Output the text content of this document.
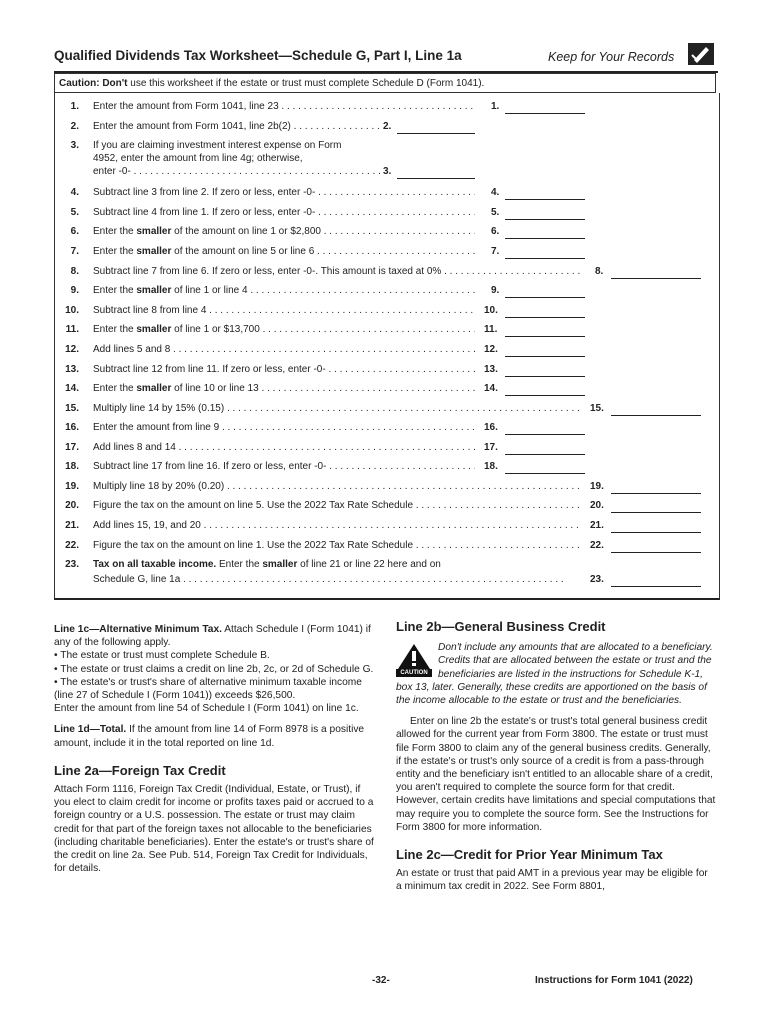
Qualified Dividends Tax Worksheet—Schedule G, Part I, Line 1a	Keep for Your Records
Caution: Don't use this worksheet if the estate or trust must complete Schedule D (Form 1041).
1. Enter the amount from Form 1041, line 23 . . .	1.
2. Enter the amount from Form 1041, line 2b(2) . . .	2.
3. If you are claiming investment interest expense on Form
4952, enter the amount from line 4g; otherwise,
enter -0- . . .	3.
4. Subtract line 3 from line 2. If zero or less, enter -0- . . .	4.
5. Subtract line 4 from line 1. If zero or less, enter -0- . . .	5.
6. Enter the smaller of the amount on line 1 or $2,800 . . .	6.
7. Enter the smaller of the amount on line 5 or line 6 . . .	7.
8. Subtract line 7 from line 6. If zero or less, enter -0-. This amount is taxed at 0% . . .	8.
9. Enter the smaller of line 1 or line 4 . . .	9.
10. Subtract line 8 from line 4 . . .	10.
11. Enter the smaller of line 1 or $13,700 . . .	11.
12. Add lines 5 and 8 . . .	12.
13. Subtract line 12 from line 11. If zero or less, enter -0- . . .	13.
14. Enter the smaller of line 10 or line 13 . . .	14.
15. Multiply line 14 by 15% (0.15) . . .	15.
16. Enter the amount from line 9 . . .	16.
17. Add lines 8 and 14 . . .	17.
18. Subtract line 17 from line 16. If zero or less, enter -0- . . .	18.
19. Multiply line 18 by 20% (0.20) . . .	19.
20. Figure the tax on the amount on line 5. Use the 2022 Tax Rate Schedule . . .	20.
21. Add lines 15, 19, and 20 . . .	21.
22. Figure the tax on the amount on line 1. Use the 2022 Tax Rate Schedule . . .	22.
23. Tax on all taxable income. Enter the smaller of line 21 or line 22 here and on
Schedule G, line 1a . . .	23.

Line 1c—Alternative Minimum Tax. Attach Schedule I (Form 1041) if any of the following apply.

• The estate or trust must complete Schedule B.
• The estate or trust claims a credit on line 2b, 2c, or 2d of Schedule G.
• The estate's or trust's share of alternative minimum taxable income (line 27 of Schedule I (Form 1041)) exceeds $26,500.

Enter the amount from line 54 of Schedule I (Form 1041) on line 1c.

Line 1d—Total. If the amount from line 14 of Form 8978 is a positive amount, include it in the total reported on line 1d.

Line 2a—Foreign Tax Credit

Attach Form 1116, Foreign Tax Credit (Individual, Estate, or Trust), if you elect to claim credit for income or profits taxes paid or accrued to a foreign country or a U.S. possession. The estate or trust may claim credit for that part of the foreign taxes not allocable to the beneficiaries (including charitable beneficiaries). Enter the estate's or trust's share of the credit on line 2a. See Pub. 514, Foreign Tax Credit for Individuals, for details.

Line 2b—General Business Credit
CAUTION

Don't include any amounts that are allocated to a beneficiary. Credits that are allocated between the estate or trust and the beneficiaries are listed in the instructions for Schedule K-1, box 13, later. Generally, these credits are apportioned on the basis of the income allocable to the estate or trust and the beneficiaries.

Enter on line 2b the estate's or trust's total general business credit allowed for the current year from Form 3800. The estate or trust must file Form 3800 to claim any of the general business credits. Generally, if the estate's or trust's only source of a credit is from a pass-through entity and the beneficiary isn't entitled to an allocable share of a credit, you aren't required to complete the source form for that credit. However, certain credits have limitations and special computations that may require you to complete the source form. See the Instructions for Form 3800 for more information.

Line 2c—Credit for Prior Year Minimum Tax

An estate or trust that paid AMT in a previous year may be eligible for a minimum tax credit in 2022. See Form 8801,

-32-	Instructions for Form 1041 (2022)
